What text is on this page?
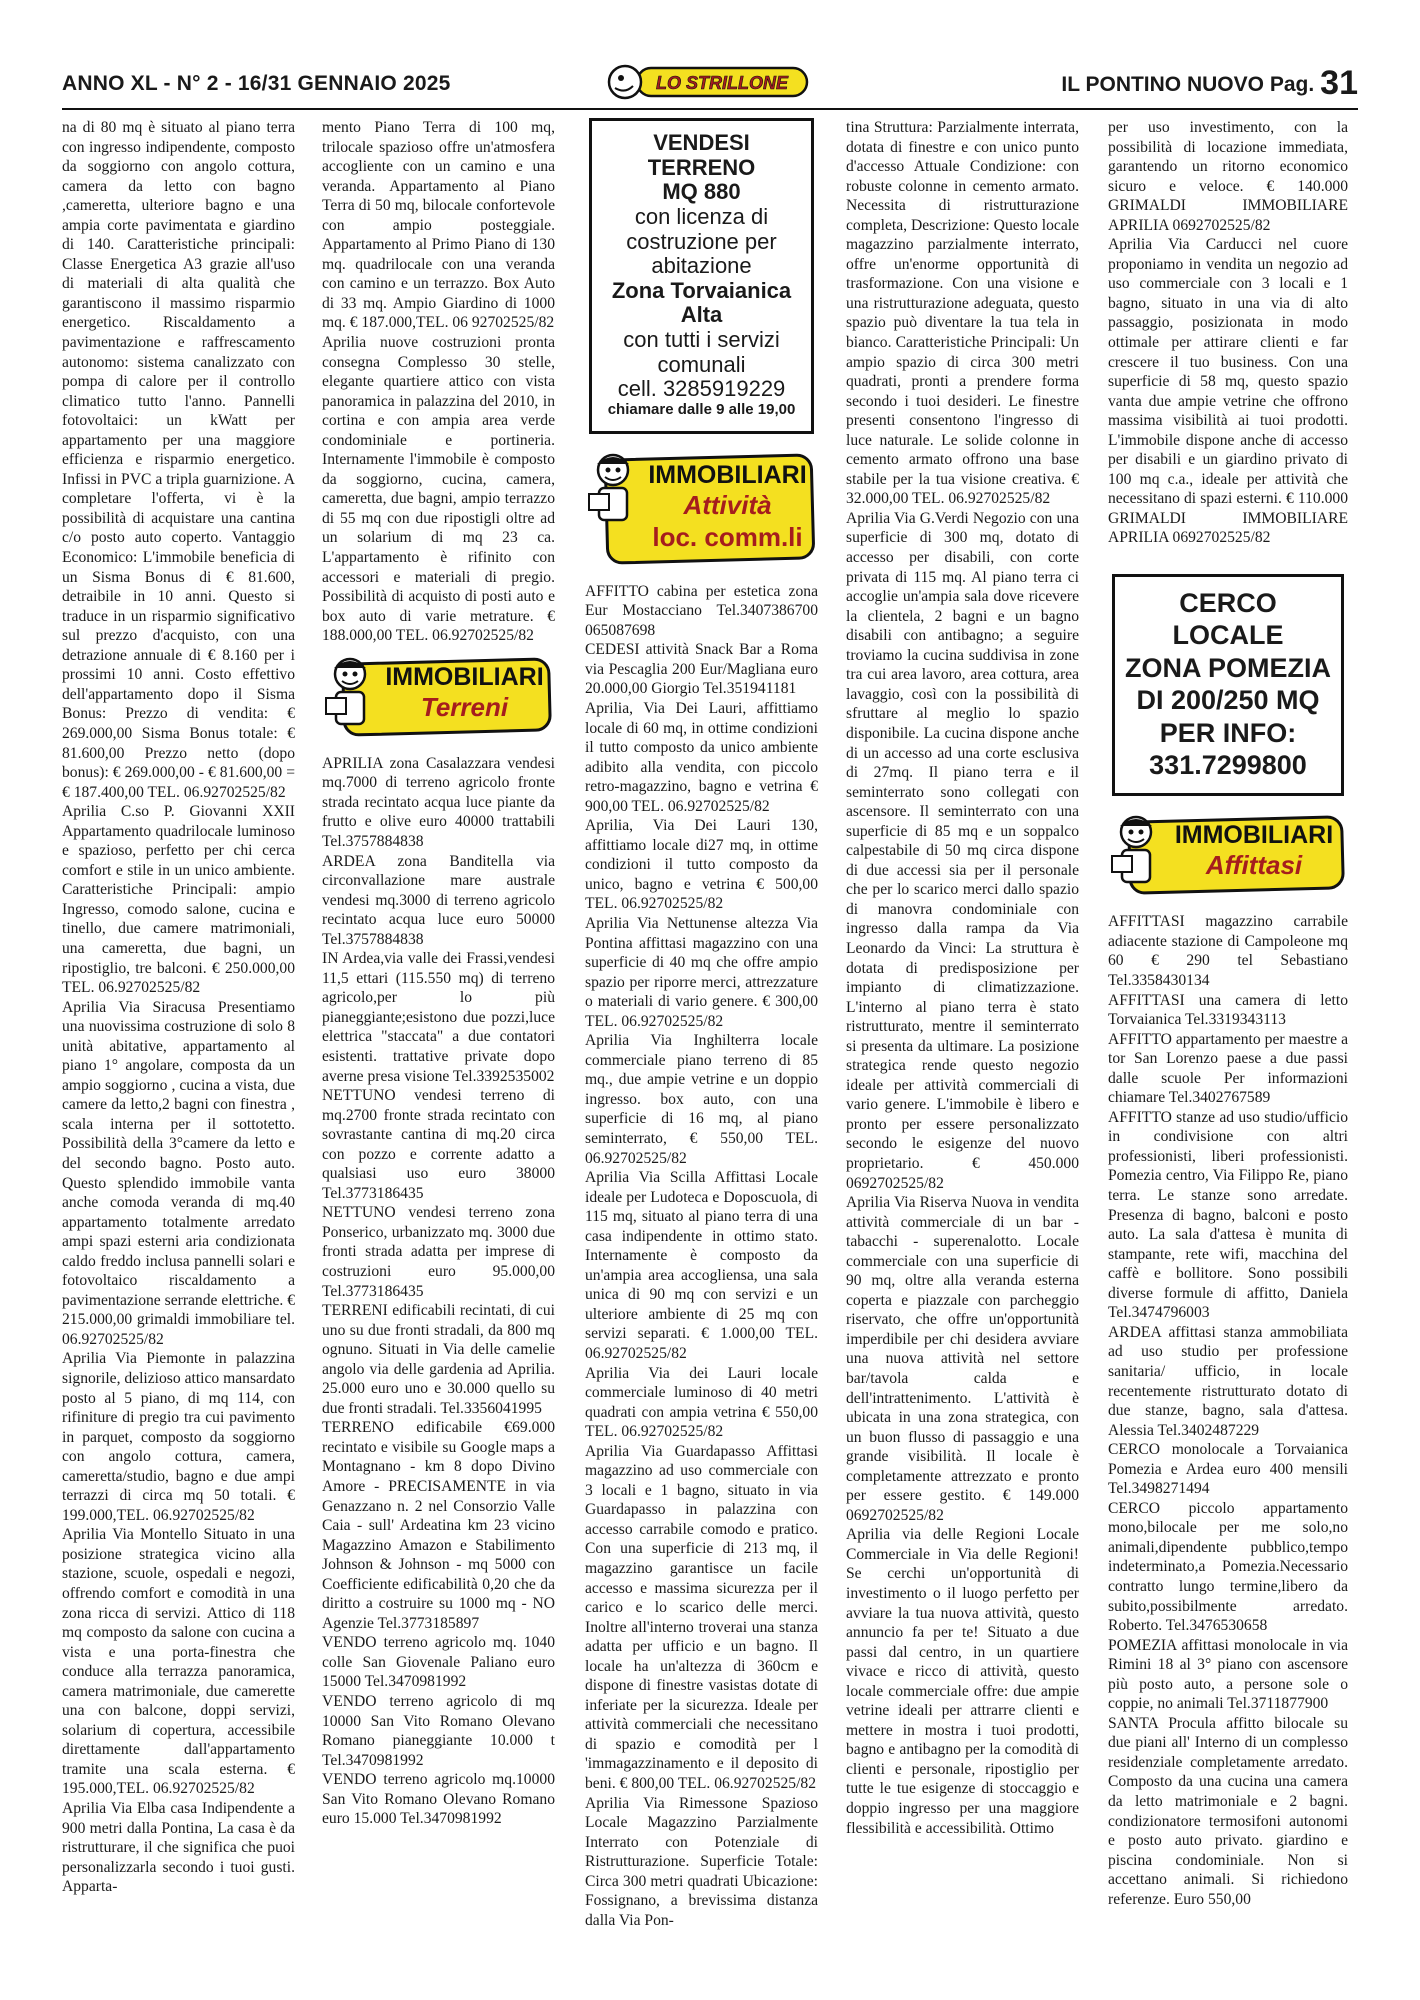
ANNO XL - N° 2 - 16/31 GENNAIO 2025	LO STRILLONE	IL PONTINO NUOVO Pag. 31

na di 80 mq è situato al piano terra con ingresso indipendente, composto da soggiorno con angolo cottura, camera da letto con bagno ,cameretta, ulteriore bagno e una ampia corte pavimentata e giardino di 140. Caratteristiche principali: Classe Energetica A3 grazie all'uso di materiali di alta qualità che garantiscono il massimo risparmio energetico. Riscaldamento a pavimentazione e raffrescamento autonomo: sistema canalizzato con pompa di calore per il controllo climatico tutto l'anno. Pannelli fotovoltaici: un kWatt per appartamento per una maggiore efficienza e risparmio energetico. Infissi in PVC a tripla guarnizione. A completare l'offerta, vi è la possibilità di acquistare una cantina c/o posto auto coperto. Vantaggio Economico: L'immobile beneficia di un Sisma Bonus di € 81.600, detraibile in 10 anni. Questo si traduce in un risparmio significativo sul prezzo d'acquisto, con una detrazione annuale di € 8.160 per i prossimi 10 anni. Costo effettivo dell'appartamento dopo il Sisma Bonus: Prezzo di vendita: € 269.000,00 Sisma Bonus totale: € 81.600,00 Prezzo netto (dopo bonus): € 269.000,00 - € 81.600,00 = € 187.400,00 TEL. 06.92702525/82

Aprilia C.so P. Giovanni XXII Appartamento quadrilocale luminoso e spazioso, perfetto per chi cerca comfort e stile in un unico ambiente. Caratteristiche Principali: ampio Ingresso, comodo salone, cucina e tinello, due camere matrimoniali, una cameretta, due bagni, un ripostiglio, tre balconi. € 250.000,00 TEL. 06.92702525/82

Aprilia Via Siracusa Presentiamo una nuovissima costruzione di solo 8 unità abitative, appartamento al piano 1° angolare, composta da un ampio soggiorno , cucina a vista, due camere da letto,2 bagni con finestra , scala interna per il sottotetto. Possibilità della 3°camere da letto e del secondo bagno. Posto auto. Questo splendido immobile vanta anche comoda veranda di mq.40 appartamento totalmente arredato ampi spazi esterni aria condizionata caldo freddo inclusa pannelli solari e fotovoltaico riscaldamento a pavimentazione serrande elettriche. € 215.000,00 grimaldi immobiliare tel. 06.92702525/82

Aprilia Via Piemonte in palazzina signorile, delizioso attico mansardato posto al 5 piano, di mq 114, con rifiniture di pregio tra cui pavimento in parquet, composto da soggiorno con angolo cottura, camera, cameretta/studio, bagno e due ampi terrazzi di circa mq 50 totali. € 199.000,TEL. 06.92702525/82

Aprilia Via Montello Situato in una posizione strategica vicino alla stazione, scuole, ospedali e negozi, offrendo comfort e comodità in una zona ricca di servizi. Attico di 118 mq composto da salone con cucina a vista e una porta-finestra che conduce alla terrazza panoramica, camera matrimoniale, due camerette una con balcone, doppi servizi, solarium di copertura, accessibile direttamente dall'appartamento tramite una scala esterna. € 195.000,TEL. 06.92702525/82

Aprilia Via Elba casa Indipendente a 900 metri dalla Pontina, La casa è da ristrutturare, il che significa che puoi personalizzarla secondo i tuoi gusti. Apparta-

mento Piano Terra di 100 mq, trilocale spazioso offre un'atmosfera accogliente con un camino e una veranda. Appartamento al Piano Terra di 50 mq, bilocale confortevole con ampio posteggiale. Appartamento al Primo Piano di 130 mq. quadrilocale con una veranda con camino e un terrazzo. Box Auto di 33 mq. Ampio Giardino di 1000 mq. € 187.000,TEL. 06 92702525/82

Aprilia nuove costruzioni pronta consegna Complesso 30 stelle, elegante quartiere attico con vista panoramica in palazzina del 2010, in cortina e con ampia area verde condominiale e portineria. Internamente l'immobile è composto da soggiorno, cucina, camera, cameretta, due bagni, ampio terrazzo di 55 mq con due ripostigli oltre ad un solarium di mq 23 ca. L'appartamento è rifinito con accessori e materiali di pregio. Possibilità di acquisto di posti auto e box auto di varie metrature. € 188.000,00 TEL. 06.92702525/82

IMMOBILIARI
Terreni

APRILIA zona Casalazzara vendesi mq.7000 di terreno agricolo fronte strada recintato acqua luce piante da frutto e olive euro 40000 trattabili Tel.3757884838

ARDEA zona Banditella via circonvallazione mare australe vendesi mq.3000 di terreno agricolo recintato acqua luce euro 50000 Tel.3757884838

IN Ardea,via valle dei Frassi,vendesi 11,5 ettari (115.550 mq) di terreno agricolo,per lo più pianeggiante;esistono due pozzi,luce elettrica "staccata" a due contatori esistenti. trattative private dopo averne presa visione Tel.3392535002

NETTUNO vendesi terreno di mq.2700 fronte strada recintato con sovrastante cantina di mq.20 circa con pozzo e corrente adatto a qualsiasi uso euro 38000 Tel.3773186435

NETTUNO vendesi terreno zona Ponserico, urbanizzato mq. 3000 due fronti strada adatta per imprese di costruzioni euro 95.000,00 Tel.3773186435

TERRENI edificabili recintati, di cui uno su due fronti stradali, da 800 mq ognuno. Situati in Via delle camelie angolo via delle gardenia ad Aprilia. 25.000 euro uno e 30.000 quello su due fronti stradali. Tel.3356041995

TERRENO edificabile €69.000 recintato e visibile su Google maps a Montagnano - km 8 dopo Divino Amore - PRECISAMENTE in via Genazzano n. 2 nel Consorzio Valle Caia - sull' Ardeatina km 23 vicino Magazzino Amazon e Stabilimento Johnson & Johnson - mq 5000 con Coefficiente edificabilità 0,20 che da diritto a costruire su 1000 mq - NO Agenzie Tel.3773185897

VENDO terreno agricolo mq. 1040 colle San Giovenale Paliano euro 15000 Tel.3470981992

VENDO terreno agricolo di mq 10000 San Vito Romano Olevano Romano pianeggiante 10.000 t Tel.3470981992

VENDO terreno agricolo mq.10000 San Vito Romano Olevano Romano euro 15.000 Tel.3470981992

VENDESI TERRENO
MQ 880
con licenza di
costruzione per abitazione
Zona Torvaianica Alta
con tutti i servizi
comunali
cell. 3285919229
chiamare dalle 9 alle 19,00
IMMOBILIARI
Attività
loc. comm.li

AFFITTO cabina per estetica zona Eur Mostacciano Tel.3407386700 065087698

CEDESI attività Snack Bar a Roma via Pescaglia 200 Eur/Magliana euro 20.000,00 Giorgio Tel.351941181

Aprilia, Via Dei Lauri, affittiamo locale di 60 mq, in ottime condizioni il tutto composto da unico ambiente adibito alla vendita, con piccolo retro-magazzino, bagno e vetrina € 900,00 TEL. 06.92702525/82

Aprilia, Via Dei Lauri 130, affittiamo locale di27 mq, in ottime condizioni il tutto composto da unico, bagno e vetrina € 500,00 TEL. 06.92702525/82

Aprilia Via Nettunense altezza Via Pontina affittasi magazzino con una superficie di 40 mq che offre ampio spazio per riporre merci, attrezzature o materiali di vario genere. € 300,00 TEL. 06.92702525/82

Aprilia Via Inghilterra locale commerciale piano terreno di 85 mq., due ampie vetrine e un doppio ingresso. box auto, con una superficie di 16 mq, al piano seminterrato, € 550,00 TEL. 06.92702525/82

Aprilia Via Scilla Affittasi Locale ideale per Ludoteca e Doposcuola, di 115 mq, situato al piano terra di una casa indipendente in ottimo stato. Internamente è composto da un'ampia area accogliensa, una sala unica di 90 mq con servizi e un ulteriore ambiente di 25 mq con servizi separati. € 1.000,00 TEL. 06.92702525/82

Aprilia Via dei Lauri locale commerciale luminoso di 40 metri quadrati con ampia vetrina € 550,00 TEL. 06.92702525/82

Aprilia Via Guardapasso Affittasi magazzino ad uso commerciale con 3 locali e 1 bagno, situato in via Guardapasso in palazzina con accesso carrabile comodo e pratico. Con una superficie di 213 mq, il magazzino garantisce un facile accesso e massima sicurezza per il carico e lo scarico delle merci. Inoltre all'interno troverai una stanza adatta per ufficio e un bagno. Il locale ha un'altezza di 360cm e dispone di finestre vasistas dotate di inferiate per la sicurezza. Ideale per attività commerciali che necessitano di spazio e comodità per l 'immagazzinamento e il deposito di beni. € 800,00 TEL. 06.92702525/82

Aprilia Via Rimessone Spazioso Locale Magazzino Parzialmente Interrato con Potenziale di Ristrutturazione. Superficie Totale: Circa 300 metri quadrati Ubicazione: Fossignano, a brevissima distanza dalla Via Pon-

tina Struttura: Parzialmente interrata, dotata di finestre e con unico punto d'accesso Attuale Condizione: con robuste colonne in cemento armato. Necessita di ristrutturazione completa, Descrizione: Questo locale magazzino parzialmente interrato, offre un'enorme opportunità di trasformazione. Con una visione e una ristrutturazione adeguata, questo spazio può diventare la tua tela in bianco. Caratteristiche Principali: Un ampio spazio di circa 300 metri quadrati, pronti a prendere forma secondo i tuoi desideri. Le finestre presenti consentono l'ingresso di luce naturale. Le solide colonne in cemento armato offrono una base stabile per la tua visione creativa. € 32.000,00 TEL. 06.92702525/82

Aprilia Via G.Verdi Negozio con una superficie di 300 mq, dotato di accesso per disabili, con corte privata di 115 mq. Al piano terra ci accoglie un'ampia sala dove ricevere la clientela, 2 bagni e un bagno disabili con antibagno; a seguire troviamo la cucina suddivisa in zone tra cui area lavoro, area cottura, area lavaggio, così con la possibilità di sfruttare al meglio lo spazio disponibile. La cucina dispone anche di un accesso ad una corte esclusiva di 27mq. Il piano terra e il seminterrato sono collegati con ascensore. Il seminterrato con una superficie di 85 mq e un soppalco calpestabile di 50 mq circa dispone di due accessi sia per il personale che per lo scarico merci dallo spazio di manovra condominiale con ingresso dalla rampa da Via Leonardo da Vinci: La struttura è dotata di predisposizione per impianto di climatizzazione. L'interno al piano terra è stato ristrutturato, mentre il seminterrato si presenta da ultimare. La posizione strategica rende questo negozio ideale per attività commerciali di vario genere. L'immobile è libero e pronto per essere personalizzato secondo le esigenze del nuovo proprietario. € 450.000 0692702525/82

Aprilia Via Riserva Nuova in vendita attività commerciale di un bar - tabacchi - superenalotto. Locale commerciale con una superficie di 90 mq, oltre alla veranda esterna coperta e piazzale con parcheggio riservato, che offre un'opportunità imperdibile per chi desidera avviare una nuova attività nel settore bar/tavola calda e dell'intrattenimento. L'attività è ubicata in una zona strategica, con un buon flusso di passaggio e una grande visibilità. Il locale è completamente attrezzato e pronto per essere gestito. € 149.000 0692702525/82

Aprilia via delle Regioni Locale Commerciale in Via delle Regioni! Se cerchi un'opportunità di investimento o il luogo perfetto per avviare la tua nuova attività, questo annuncio fa per te! Situato a due passi dal centro, in un quartiere vivace e ricco di attività, questo locale commerciale offre: due ampie vetrine ideali per attrarre clienti e mettere in mostra i tuoi prodotti, bagno e antibagno per la comodità di clienti e personale, ripostiglio per tutte le tue esigenze di stoccaggio e doppio ingresso per una maggiore flessibilità e accessibilità. Ottimo

per uso investimento, con la possibilità di locazione immediata, garantendo un ritorno economico sicuro e veloce. € 140.000 GRIMALDI IMMOBILIARE APRILIA 0692702525/82

Aprilia Via Carducci nel cuore proponiamo in vendita un negozio ad uso commerciale con 3 locali e 1 bagno, situato in una via di alto passaggio, posizionata in modo ottimale per attirare clienti e far crescere il tuo business. Con una superficie di 58 mq, questo spazio vanta due ampie vetrine che offrono massima visibilità ai tuoi prodotti. L'immobile dispone anche di accesso per disabili e un giardino privato di 100 mq c.a., ideale per attività che necessitano di spazi esterni. € 110.000 GRIMALDI IMMOBILIARE APRILIA 0692702525/82

CERCO LOCALE
ZONA POMEZIA
DI 200/250 MQ
PER INFO:
331.7299800
IMMOBILIARI
Affittasi

AFFITTASI magazzino carrabile adiacente stazione di Campoleone mq 60 € 290 tel Sebastiano Tel.3358430134

AFFITTASI una camera di letto Torvaianica Tel.3319343113

AFFITTO appartamento per maestre a tor San Lorenzo paese a due passi dalle scuole Per informazioni chiamare Tel.3402767589

AFFITTO stanze ad uso studio/ufficio in condivisione con altri professionisti, liberi professionisti. Pomezia centro, Via Filippo Re, piano terra. Le stanze sono arredate. Presenza di bagno, balconi e posto auto. La sala d'attesa è munita di stampante, rete wifi, macchina del caffè e bollitore. Sono possibili diverse formule di affitto, Daniela Tel.3474796003

ARDEA affittasi stanza ammobiliata ad uso studio per professione sanitaria/ ufficio, in locale recentemente ristrutturato dotato di due stanze, bagno, sala d'attesa. Alessia Tel.3402487229

CERCO monolocale a Torvaianica Pomezia e Ardea euro 400 mensili Tel.3498271494

CERCO piccolo appartamento mono,bilocale per me solo,no animali,dipendente pubblico,tempo indeterminato,a Pomezia.Necessario contratto lungo termine,libero da subito,possibilmente arredato. Roberto. Tel.3476530658

POMEZIA affittasi monolocale in via Rimini 18 al 3° piano con ascensore più posto auto, a persone sole o coppie, no animali Tel.3711877900

SANTA Procula affitto bilocale su due piani all' Interno di un complesso residenziale completamente arredato. Composto da una cucina una camera da letto matrimoniale e 2 bagni. condizionatore termosifoni autonomi e posto auto privato. giardino e piscina condominiale. Non si accettano animali. Si richiedono referenze. Euro 550,00
